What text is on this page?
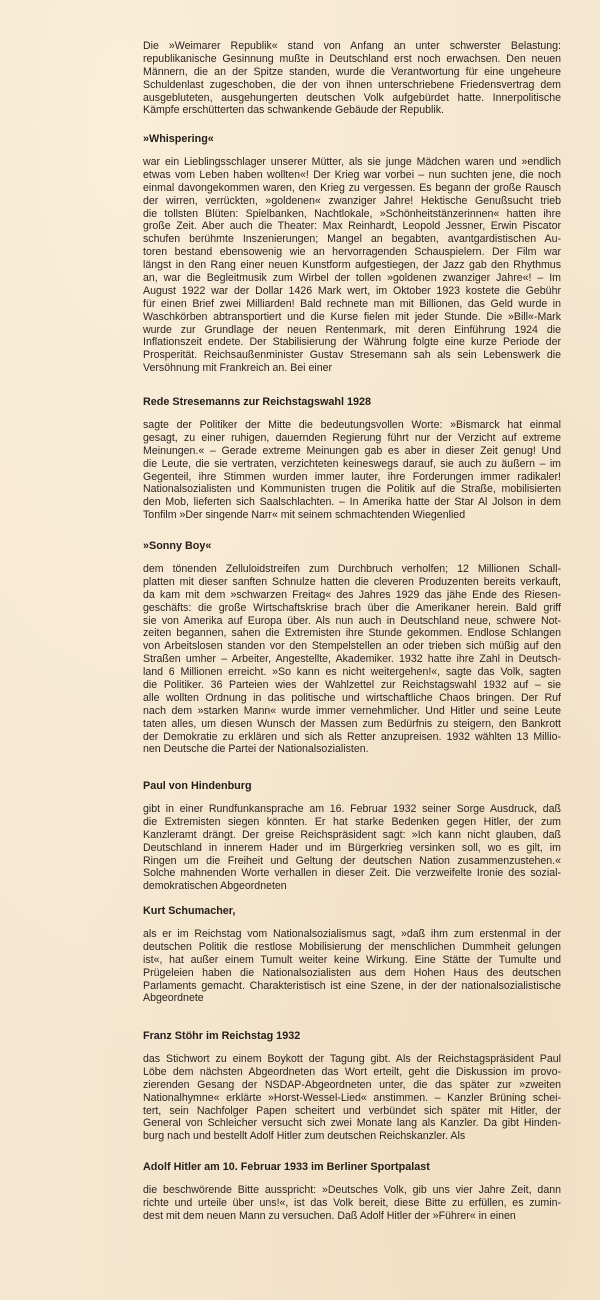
Die »Weimarer Republik« stand von Anfang an unter schwerster Belastung:
republikanische Gesinnung mußte in Deutschland erst noch erwachsen. Den neuen
Männern, die an der Spitze standen, wurde die Verantwortung für eine ungeheure
Schuldenlast zugeschoben, die der von ihnen unterschriebene Friedensvertrag dem
ausgebluteten, ausgehungerten deutschen Volk aufgebürdet hatte. Innerpolitische
Kämpfe erschütterten das schwankende Gebäude der Republik.
»Whispering«
war ein Lieblingsschlager unserer Mütter, als sie junge Mädchen waren und »endlich
etwas vom Leben haben wollten«! Der Krieg war vorbei – nun suchten jene, die noch
einmal davongekommen waren, den Krieg zu vergessen. Es begann der große Rausch
der wirren, verrückten, »goldenen« zwanziger Jahre! Hektische Genußsucht trieb
die tollsten Blüten: Spielbanken, Nachtlokale, »Schönheitstänzerinnen« hatten ihre
große Zeit. Aber auch die Theater: Max Reinhardt, Leopold Jessner, Erwin Piscator
schufen berühmte Inszenierungen; Mangel an begabten, avantgardistischen Au-
toren bestand ebensowenig wie an hervorragenden Schauspielern. Der Film war
längst in den Rang einer neuen Kunstform aufgestiegen, der Jazz gab den Rhythmus
an, war die Begleitmusik zum Wirbel der tollen »goldenen zwanziger Jahre«! – Im
August 1922 war der Dollar 1426 Mark wert, im Oktober 1923 kostete die Gebühr
für einen Brief zwei Milliarden! Bald rechnete man mit Billionen, das Geld wurde in
Waschkörben abtransportiert und die Kurse fielen mit jeder Stunde. Die »Bill«-Mark
wurde zur Grundlage der neuen Rentenmark, mit deren Einführung 1924 die
Inflationszeit endete. Der Stabilisierung der Währung folgte eine kurze Periode der
Prosperität. Reichsaußenminister Gustav Stresemann sah als sein Lebenswerk die
Versöhnung mit Frankreich an. Bei einer
Rede Stresemanns zur Reichstagswahl 1928
sagte der Politiker der Mitte die bedeutungsvollen Worte: »Bismarck hat einmal
gesagt, zu einer ruhigen, dauernden Regierung führt nur der Verzicht auf extreme
Meinungen.« – Gerade extreme Meinungen gab es aber in dieser Zeit genug! Und
die Leute, die sie vertraten, verzichteten keineswegs darauf, sie auch zu äußern – im
Gegenteil, ihre Stimmen wurden immer lauter, ihre Forderungen immer radikaler!
Nationalsozialisten und Kommunisten trugen die Politik auf die Straße, mobilisierten
den Mob, lieferten sich Saalschlachten. – In Amerika hatte der Star Al Jolson in dem
Tonfilm »Der singende Narr« mit seinem schmachtenden Wiegenlied
»Sonny Boy«
dem tönenden Zelluloidstreifen zum Durchbruch verholfen; 12 Millionen Schall-
platten mit dieser sanften Schnulze hatten die cleveren Produzenten bereits verkauft,
da kam mit dem »schwarzen Freitag« des Jahres 1929 das jähe Ende des Riesen-
geschäfts: die große Wirtschaftskrise brach über die Amerikaner herein. Bald griff
sie von Amerika auf Europa über. Als nun auch in Deutschland neue, schwere Not-
zeiten begannen, sahen die Extremisten ihre Stunde gekommen. Endlose Schlangen
von Arbeitslosen standen vor den Stempelstellen an oder trieben sich müßig auf den
Straßen umher – Arbeiter, Angestellte, Akademiker. 1932 hatte ihre Zahl in Deutsch-
land 6 Millionen erreicht. »So kann es nicht weitergehen!«, sagte das Volk, sagten
die Politiker. 36 Parteien wies der Wahlzettel zur Reichstagswahl 1932 auf – sie
alle wollten Ordnung in das politische und wirtschaftliche Chaos bringen. Der Ruf
nach dem »starken Mann« wurde immer vernehmlicher. Und Hitler und seine Leute
taten alles, um diesen Wunsch der Massen zum Bedürfnis zu steigern, den Bankrott
der Demokratie zu erklären und sich als Retter anzupreisen. 1932 wählten 13 Millio-
nen Deutsche die Partei der Nationalsozialisten.
Paul von Hindenburg
gibt in einer Rundfunkansprache am 16. Februar 1932 seiner Sorge Ausdruck, daß
die Extremisten siegen könnten. Er hat starke Bedenken gegen Hitler, der zum
Kanzleramt drängt. Der greise Reichspräsident sagt: »Ich kann nicht glauben, daß
Deutschland in innerem Hader und im Bürgerkrieg versinken soll, wo es gilt, im
Ringen um die Freiheit und Geltung der deutschen Nation zusammenzustehen.«
Solche mahnenden Worte verhallen in dieser Zeit. Die verzweifelte Ironie des sozial-
demokratischen Abgeordneten
Kurt Schumacher,
als er im Reichstag vom Nationalsozialismus sagt, »daß ihm zum erstenmal in der
deutschen Politik die restlose Mobilisierung der menschlichen Dummheit gelungen
ist«, hat außer einem Tumult weiter keine Wirkung. Eine Stätte der Tumulte und
Prügeleien haben die Nationalsozialisten aus dem Hohen Haus des deutschen
Parlaments gemacht. Charakteristisch ist eine Szene, in der der nationalsozialistische
Abgeordnete
Franz Stöhr im Reichstag 1932
das Stichwort zu einem Boykott der Tagung gibt. Als der Reichstagspräsident Paul
Löbe dem nächsten Abgeordneten das Wort erteilt, geht die Diskussion im provo-
zierenden Gesang der NSDAP-Abgeordneten unter, die das später zur »zweiten
Nationalhymne« erklärte »Horst-Wessel-Lied« anstimmen. – Kanzler Brüning schei-
tert, sein Nachfolger Papen scheitert und verbündet sich später mit Hitler, der
General von Schleicher versucht sich zwei Monate lang als Kanzler. Da gibt Hinden-
burg nach und bestellt Adolf Hitler zum deutschen Reichskanzler. Als
Adolf Hitler am 10. Februar 1933 im Berliner Sportpalast
die beschwörende Bitte ausspricht: »Deutsches Volk, gib uns vier Jahre Zeit, dann
richte und urteile über uns!«, ist das Volk bereit, diese Bitte zu erfüllen, es zumin-
dest mit dem neuen Mann zu versuchen. Daß Adolf Hitler der »Führer« in einen
